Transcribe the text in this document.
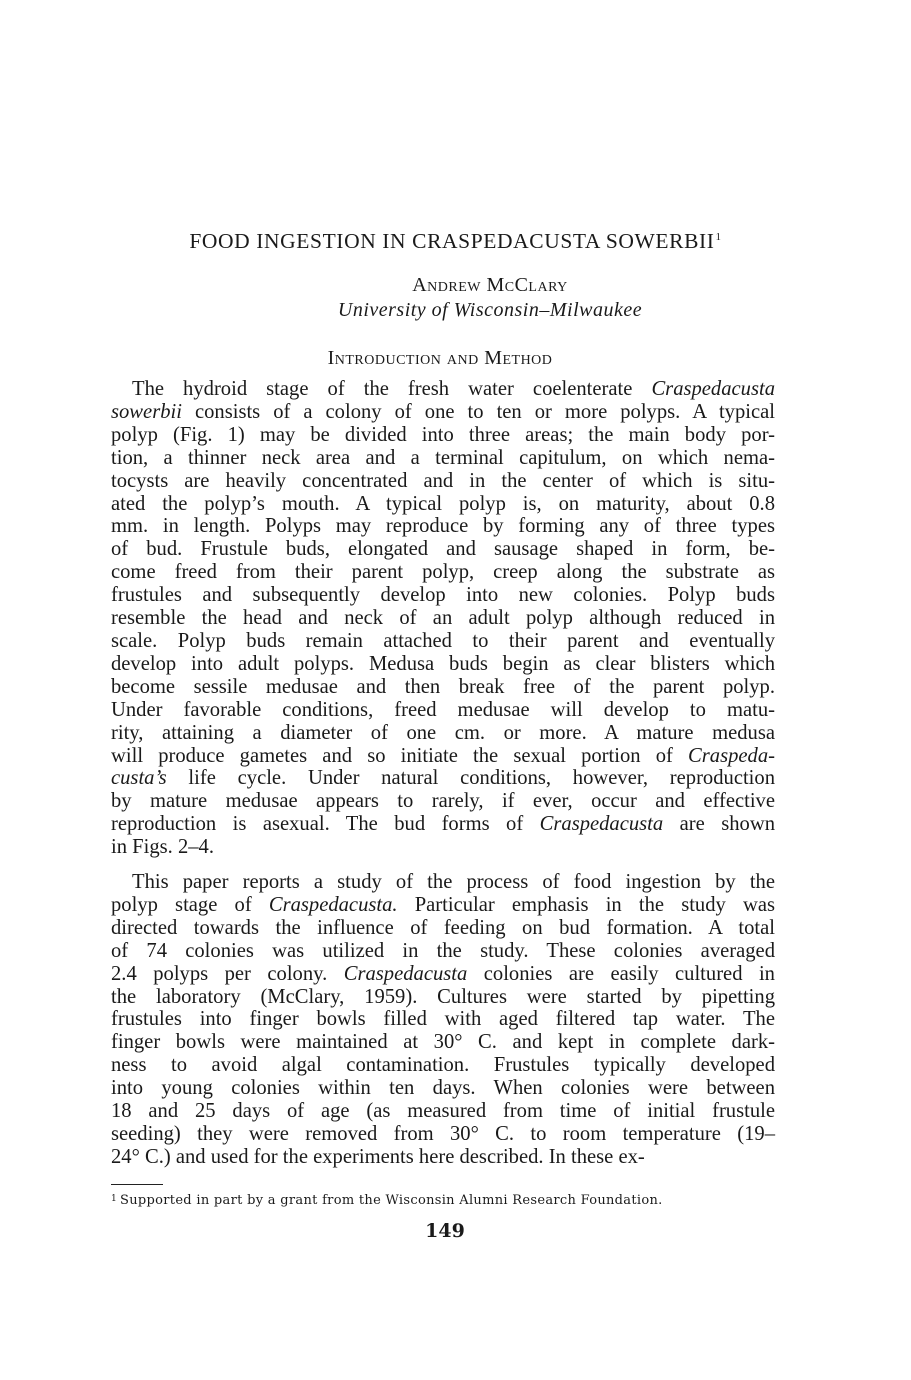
FOOD INGESTION IN CRASPEDACUSTA SOWERBII$^1$
Andrew McClary
University of Wisconsin–Milwaukee
Introduction and Method
The hydroid stage of the fresh water coelenterate Craspedacusta
sowerbii consists of a colony of one to ten or more polyps. A typical
polyp (Fig. 1) may be divided into three areas; the main body por-
tion, a thinner neck area and a terminal capitulum, on which nema-
tocysts are heavily concentrated and in the center of which is situ-
ated the polyp’s mouth. A typical polyp is, on maturity, about 0.8
mm. in length. Polyps may reproduce by forming any of three types
of bud. Frustule buds, elongated and sausage shaped in form, be-
come freed from their parent polyp, creep along the substrate as
frustules and subsequently develop into new colonies. Polyp buds
resemble the head and neck of an adult polyp although reduced in
scale. Polyp buds remain attached to their parent and eventually
develop into adult polyps. Medusa buds begin as clear blisters which
become sessile medusae and then break free of the parent polyp.
Under favorable conditions, freed medusae will develop to matu-
rity, attaining a diameter of one cm. or more. A mature medusa
will produce gametes and so initiate the sexual portion of Craspeda-
custa’s life cycle. Under natural conditions, however, reproduction
by mature medusae appears to rarely, if ever, occur and effective
reproduction is asexual. The bud forms of Craspedacusta are shown
in Figs. 2–4.
This paper reports a study of the process of food ingestion by the
polyp stage of Craspedacusta. Particular emphasis in the study was
directed towards the influence of feeding on bud formation. A total
of 74 colonies was utilized in the study. These colonies averaged
2.4 polyps per colony. Craspedacusta colonies are easily cultured in
the laboratory (McClary, 1959). Cultures were started by pipetting
frustules into finger bowls filled with aged filtered tap water. The
finger bowls were maintained at 30° C. and kept in complete dark-
ness to avoid algal contamination. Frustules typically developed
into young colonies within ten days. When colonies were between
18 and 25 days of age (as measured from time of initial frustule
seeding) they were removed from 30° C. to room temperature (19–
24° C.) and used for the experiments here described. In these ex-
$^1$ Supported in part by a grant from the Wisconsin Alumni Research Foundation.
149
